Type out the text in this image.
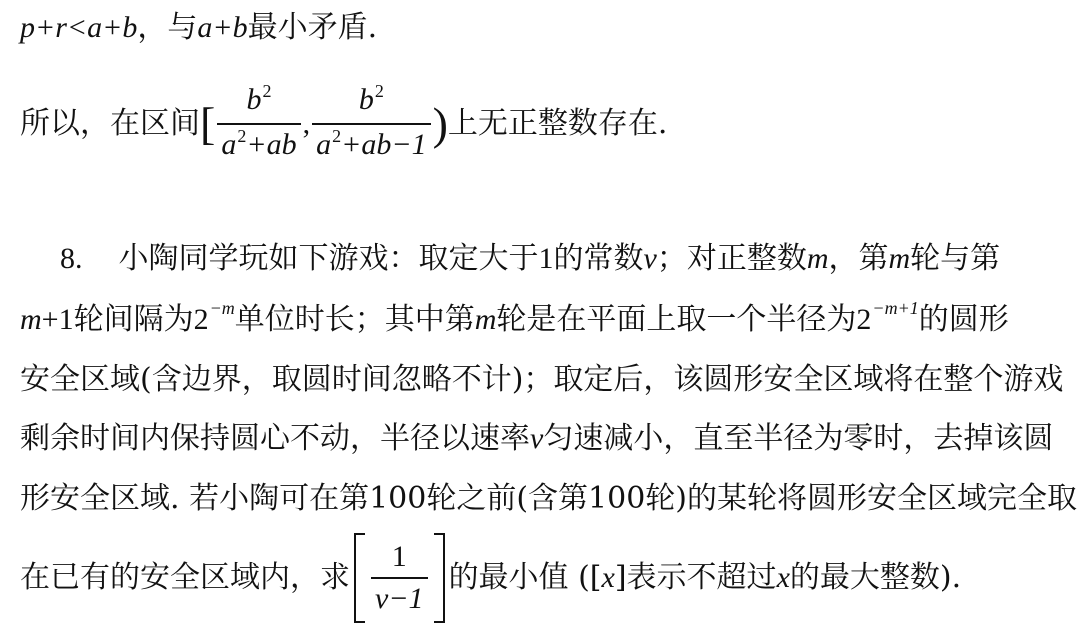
p+r<a+b ，与 a+b 最小矛盾.
所以，在区间 [ $\frac{b^2}{a^2+ab}$ , $\frac{b^2}{a^2+ab-1}$ ) 上无正整数存在.
8. 小陶同学玩如下游戏：取定大于 1 的常数 v ；对正整数 m ，第 m 轮与第
m +1 轮间隔为 2 −m 单位时长；其中第 m 轮是在平面上取一个半径为 2 −m+1 的圆形
安全区域(含边界，取圆时间忽略不计)；取定后，该圆形安全区域将在整个游戏
剩余时间内保持圆心不动，半径以速率 v 匀速减小，直至半径为零时，去掉该圆
形安全区域. 若小陶可在第100轮之前(含第100轮)的某轮将圆形安全区域完全取
在已有的安全区域内，求 $\frac{1}{v-1}$ 的最小值 ([ x ]表示不超过 x 的最大整数).
